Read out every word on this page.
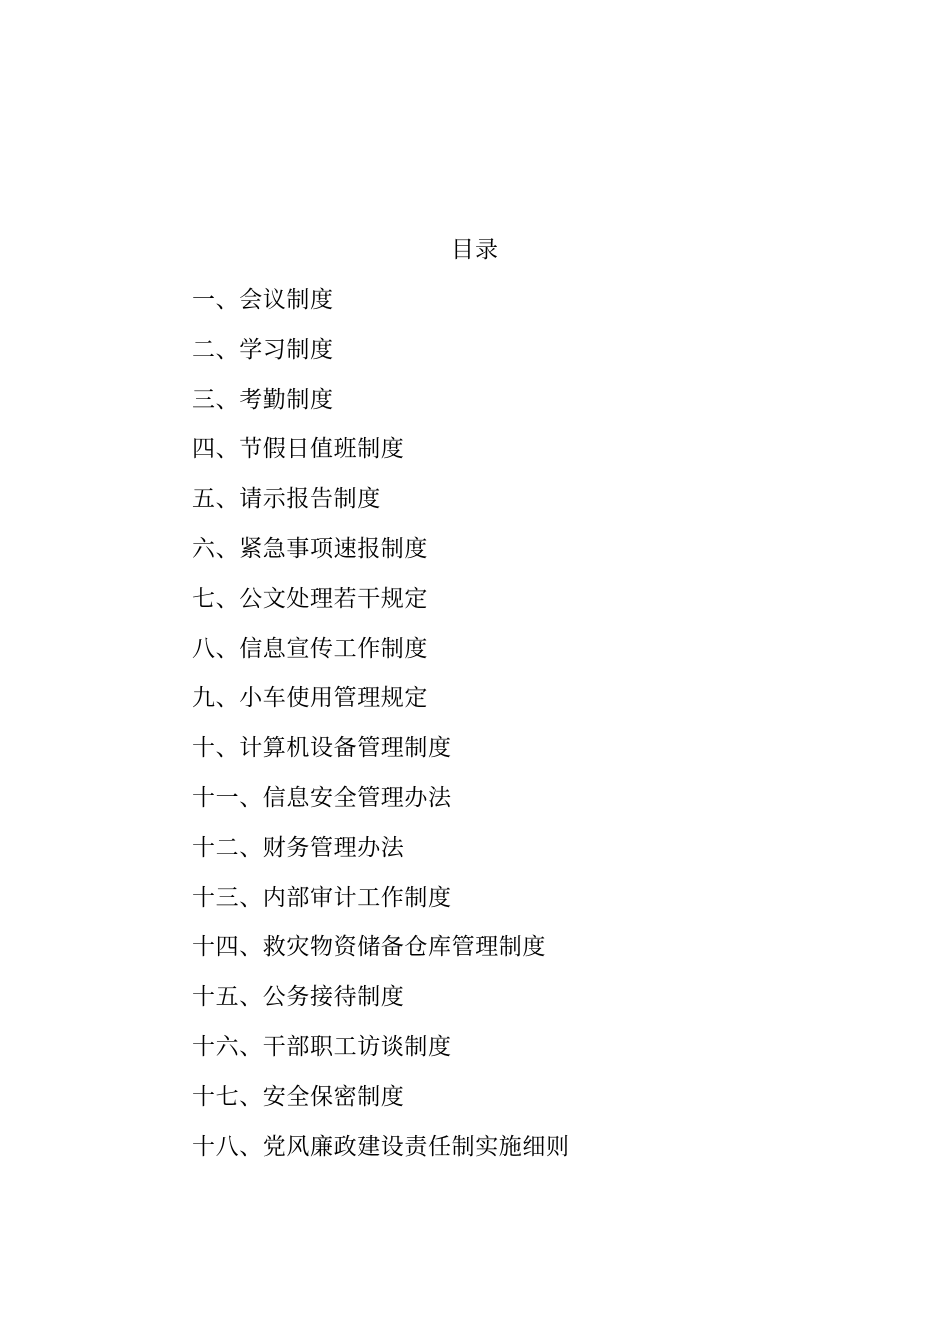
目录
一、会议制度
二、学习制度
三、考勤制度
四、节假日值班制度
五、请示报告制度
六、紧急事项速报制度
七、公文处理若干规定
八、信息宣传工作制度
九、小车使用管理规定
十、计算机设备管理制度
十一、信息安全管理办法
十二、财务管理办法
十三、内部审计工作制度
十四、救灾物资储备仓库管理制度
十五、公务接待制度
十六、干部职工访谈制度
十七、安全保密制度
十八、党风廉政建设责任制实施细则
